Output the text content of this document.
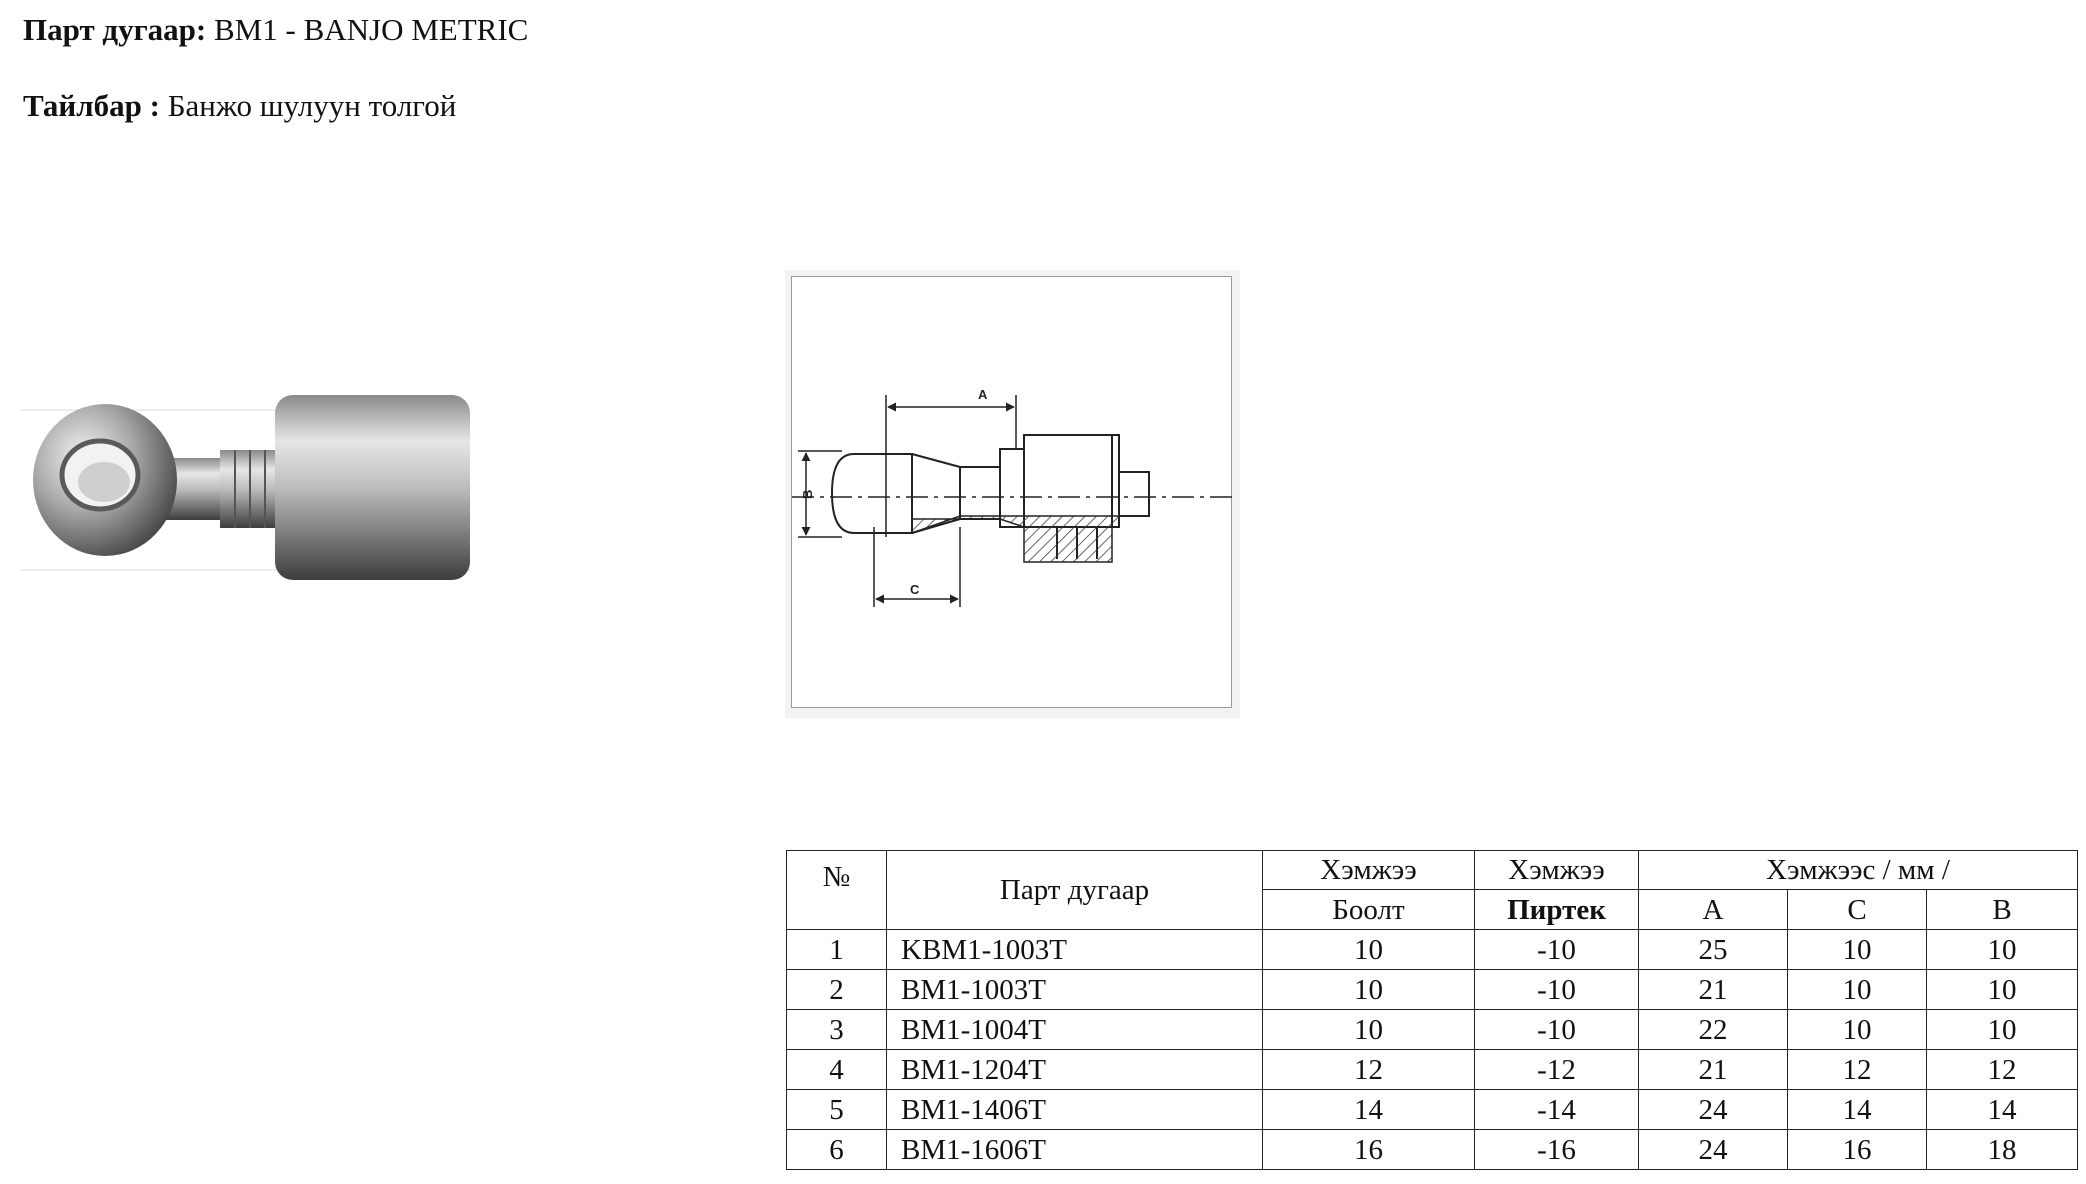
Парт дугаар: BM1 - BANJO METRIC
Тайлбар : Банжо шулуун толгой
A
B
C
№	Парт дугаар	Хэмжээ	Хэмжээ	Хэмжээс / мм /		
		Боолт	Пиртек	A	C	B
1	KBM1-1003T	10	-10	25	10	10
2	BM1-1003T	10	-10	21	10	10
3	BM1-1004T	10	-10	22	10	10
4	BM1-1204T	12	-12	21	12	12
5	BM1-1406T	14	-14	24	14	14
6	BM1-1606T	16	-16	24	16	18
